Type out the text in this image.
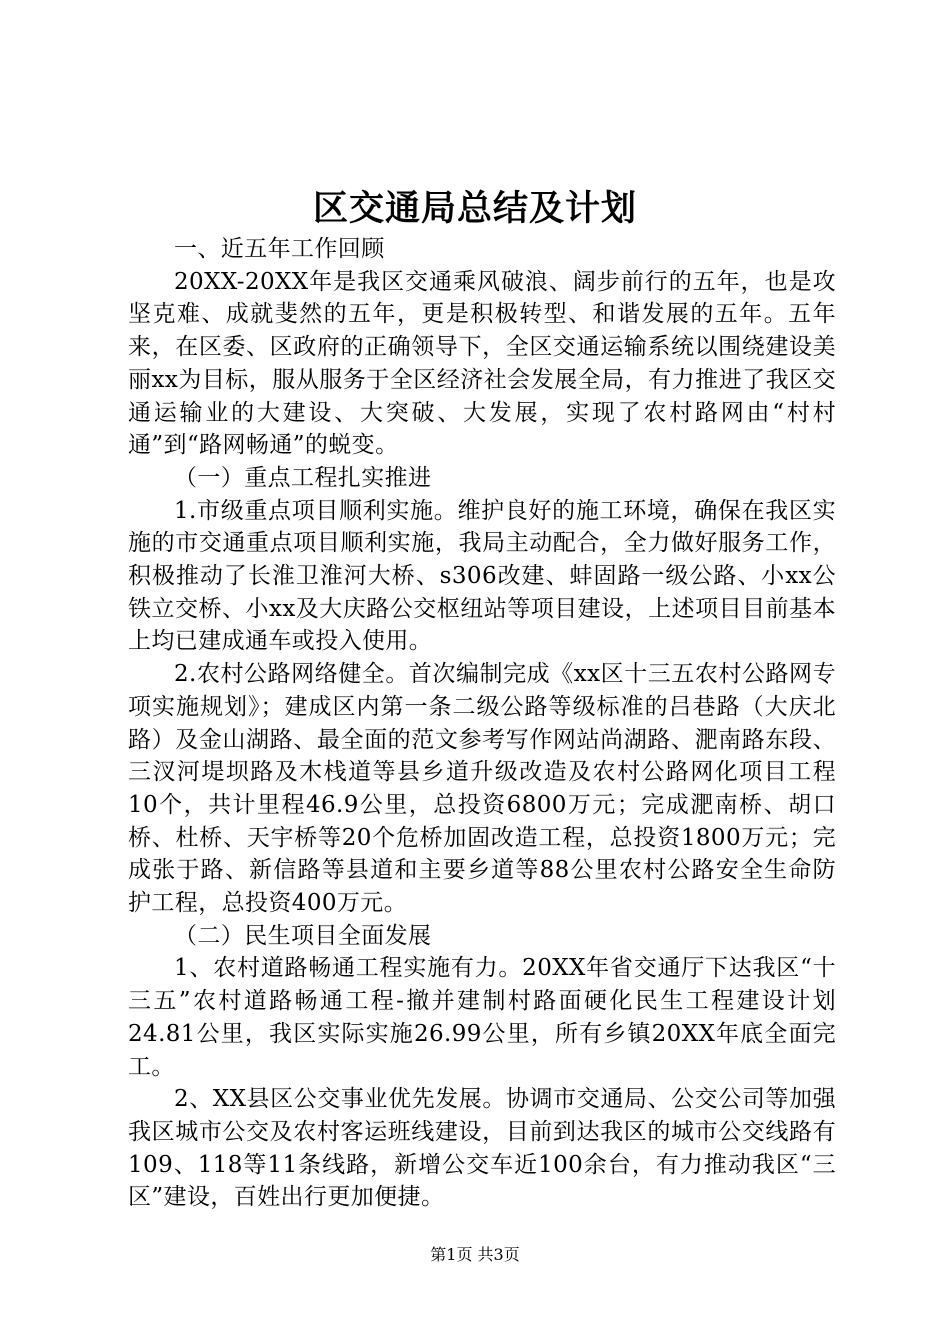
区交通局总结及计划

一、近五年工作回顾

20XX-20XX年是我区交通乘风破浪、阔步前行的五年，也是攻坚克难、成就斐然的五年，更是积极转型、和谐发展的五年。五年来，在区委、区政府的正确领导下，全区交通运输系统以围绕建设美丽xx为目标，服从服务于全区经济社会发展全局，有力推进了我区交通运输业的大建设、大突破、大发展，实现了农村路网由“村村通”到“路网畅通”的蜕变。

（一）重点工程扎实推进

1.市级重点项目顺利实施。维护良好的施工环境，确保在我区实施的市交通重点项目顺利实施，我局主动配合，全力做好服务工作，积极推动了长淮卫淮河大桥、s306改建、蚌固路一级公路、小xx公铁立交桥、小xx及大庆路公交枢纽站等项目建设，上述项目目前基本上均已建成通车或投入使用。

2.农村公路网络健全。首次编制完成《xx区十三五农村公路网专项实施规划》；建成区内第一条二级公路等级标准的吕巷路（大庆北路）及金山湖路、最全面的范文参考写作网站尚湖路、淝南路东段、三汊河堤坝路及木栈道等县乡道升级改造及农村公路网化项目工程10个，共计里程46.9公里，总投资6800万元；完成淝南桥、胡口桥、杜桥、天宇桥等20个危桥加固改造工程，总投资1800万元；完成张于路、新信路等县道和主要乡道等88公里农村公路安全生命防护工程，总投资400万元。

（二）民生项目全面发展

1、农村道路畅通工程实施有力。20XX年省交通厅下达我区“十三五”农村道路畅通工程-撤并建制村路面硬化民生工程建设计划24.81公里，我区实际实施26.99公里，所有乡镇20XX年底全面完工。

2、XX县区公交事业优先发展。协调市交通局、公交公司等加强我区城市公交及农村客运班线建设，目前到达我区的城市公交线路有109、118等11条线路，新增公交车近100余台，有力推动我区“三区”建设，百姓出行更加便捷。

第1页 共3页
